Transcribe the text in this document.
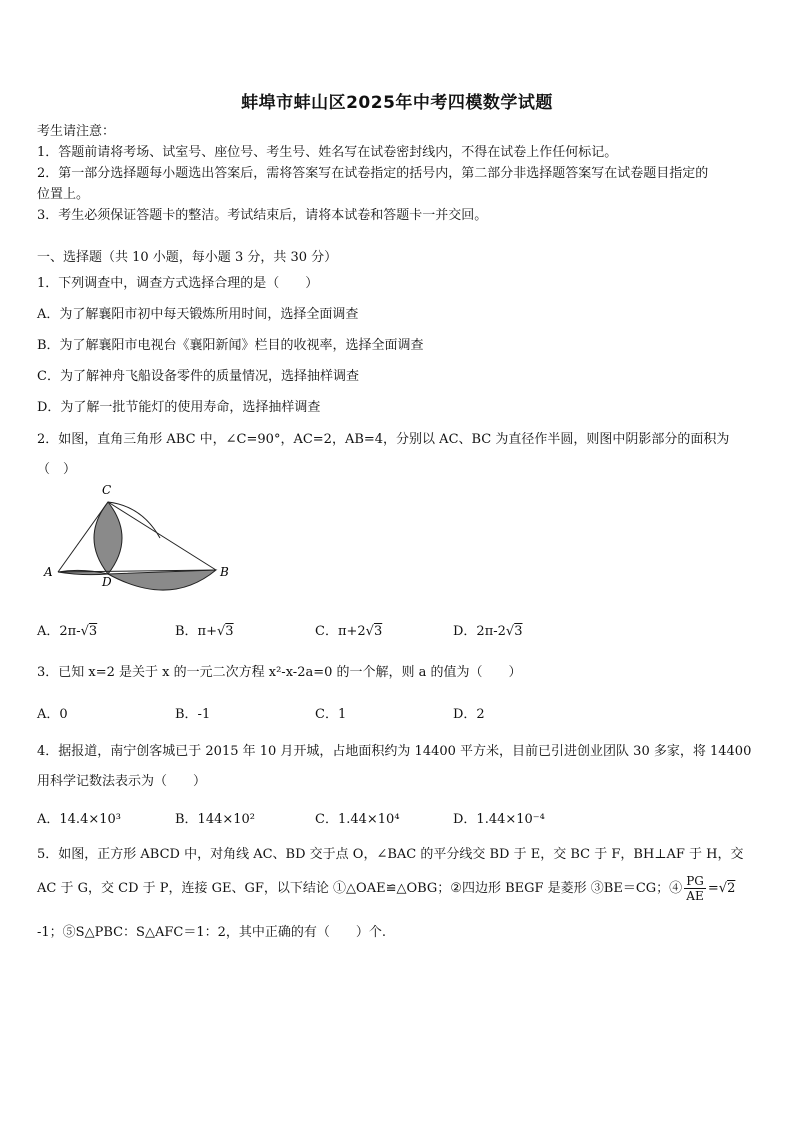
蚌埠市蚌山区2025年中考四模数学试题
考生请注意：
1．答题前请将考场、试室号、座位号、考生号、姓名写在试卷密封线内，不得在试卷上作任何标记。
2．第一部分选择题每小题选出答案后，需将答案写在试卷指定的括号内，第二部分非选择题答案写在试卷题目指定的
位置上。
3．考生必须保证答题卡的整洁。考试结束后，请将本试卷和答题卡一并交回。
一、选择题（共 10 小题，每小题 3 分，共 30 分）
1．下列调查中，调查方式选择合理的是（　　）
A．为了解襄阳市初中每天锻炼所用时间，选择全面调查
B．为了解襄阳市电视台《襄阳新闻》栏目的收视率，选择全面调查
C．为了解神舟飞船设备零件的质量情况，选择抽样调查
D．为了解一批节能灯的使用寿命，选择抽样调查
2．如图，直角三角形 ABC 中，∠C=90°，AC=2，AB=4，分别以 AC、BC 为直径作半圆，则图中阴影部分的面积为
（　）
C
A
D
B
A．2π-√3	B．π+√3	C．π+2√3	D．2π-2√3
3．已知 x=2 是关于 x 的一元二次方程 x²-x-2a=0 的一个解，则 a 的值为（　　）
A．0	B．-1	C．1	D．2
4．据报道，南宁创客城已于 2015 年 10 月开城，占地面积约为 14400 平方米，目前已引进创业团队 30 多家，将 14400
用科学记数法表示为（　　）
A．14.4×10³	B．144×10²	C．1.44×10⁴	D．1.44×10⁻⁴
5．如图，正方形 ABCD 中，对角线 AC、BD 交于点 O，∠BAC 的平分线交 BD 于 E，交 BC 于 F，BH⊥AF 于 H，交
AC 于 G，交 CD 于 P，连接 GE、GF，以下结论 ①△OAE≌△OBG；②四边形 BEGF 是菱形 ③BE＝CG；④ $\frac{PG}{AE} =√2$
-1；⑤S△PBC：S△AFC＝1：2，其中正确的有（　　）个.
